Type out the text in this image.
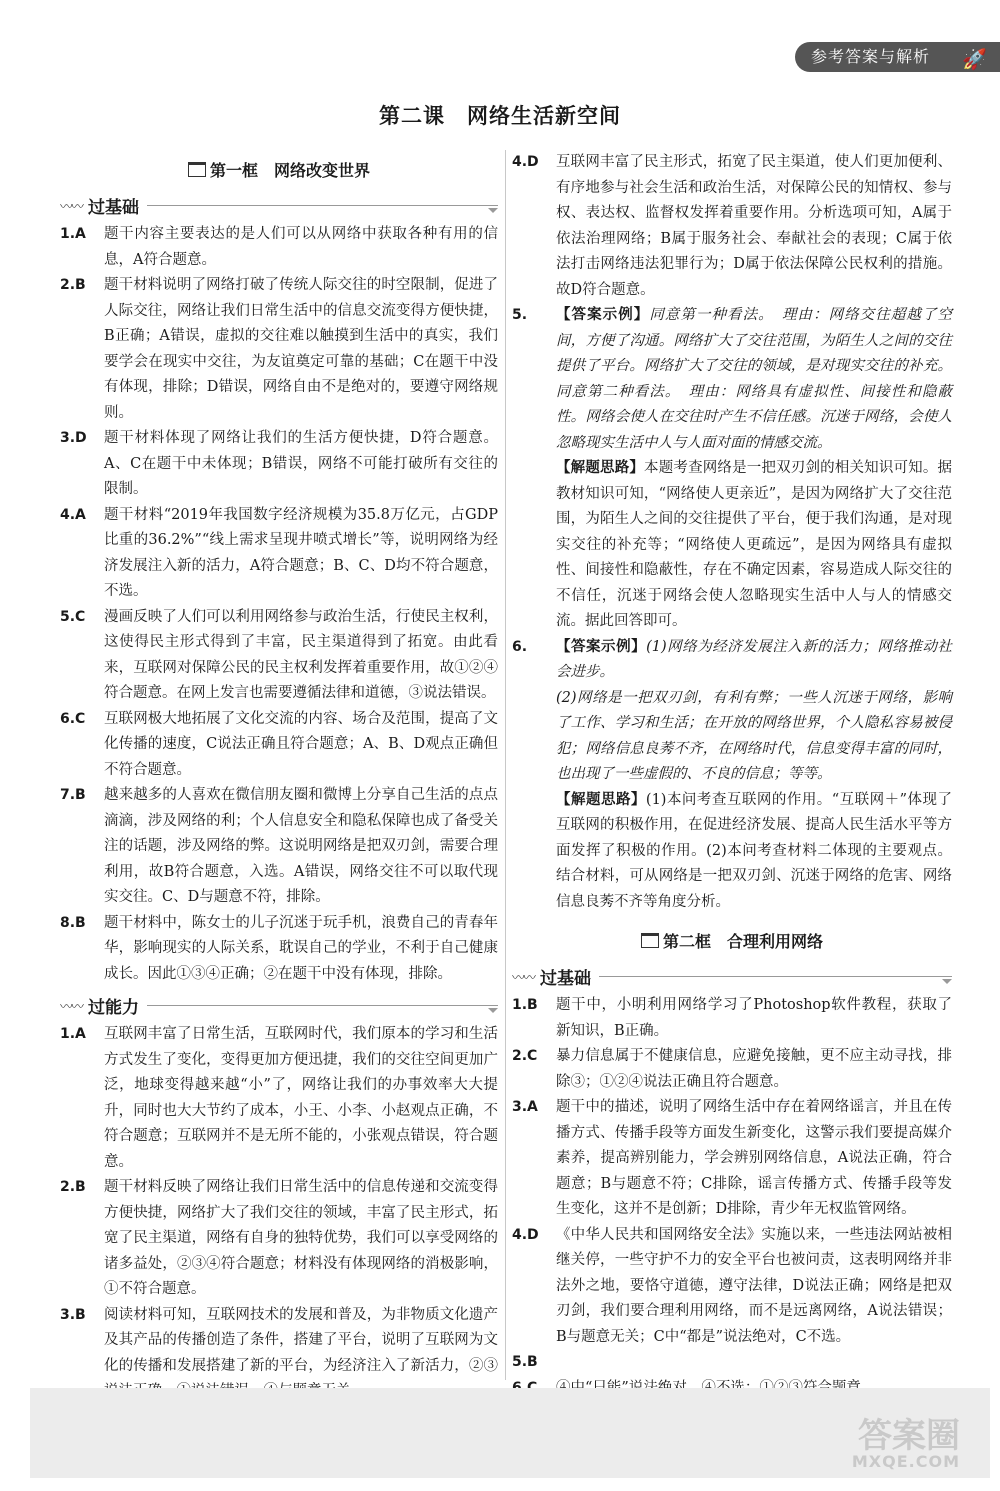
参考答案与解析 🚀
第二课　网络生活新空间
第一框　网络改变世界
〰〰 过基础
1.A	题干内容主要表达的是人们可以从网络中获取各种有用的信息，A符合题意。
2.B	题干材料说明了网络打破了传统人际交往的时空限制，促进了人际交往，网络让我们日常生活中的信息交流变得方便快捷，B正确；A错误，虚拟的交往难以触摸到生活中的真实，我们要学会在现实中交往，为友谊奠定可靠的基础；C在题干中没有体现，排除；D错误，网络自由不是绝对的，要遵守网络规则。
3.D	题干材料体现了网络让我们的生活方便快捷，D符合题意。A、C在题干中未体现；B错误，网络不可能打破所有交往的限制。
4.A	题干材料“2019年我国数字经济规模为35.8万亿元，占GDP比重的36.2%”“线上需求呈现井喷式增长”等，说明网络为经济发展注入新的活力，A符合题意；B、C、D均不符合题意，不选。
5.C	漫画反映了人们可以利用网络参与政治生活，行使民主权利，这使得民主形式得到了丰富，民主渠道得到了拓宽。由此看来，互联网对保障公民的民主权利发挥着重要作用，故①②④符合题意。在网上发言也需要遵循法律和道德，③说法错误。
6.C	互联网极大地拓展了文化交流的内容、场合及范围，提高了文化传播的速度，C说法正确且符合题意；A、B、D观点正确但不符合题意。
7.B	越来越多的人喜欢在微信朋友圈和微博上分享自己生活的点点滴滴，涉及网络的利；个人信息安全和隐私保障也成了备受关注的话题，涉及网络的弊。这说明网络是把双刃剑，需要合理利用，故B符合题意，入选。A错误，网络交往不可以取代现实交往。C、D与题意不符，排除。
8.B	题干材料中，陈女士的儿子沉迷于玩手机，浪费自己的青春年华，影响现实的人际关系，耽误自己的学业，不利于自己健康成长。因此①③④正确；②在题干中没有体现，排除。
〰〰 过能力
1.A	互联网丰富了日常生活，互联网时代，我们原本的学习和生活方式发生了变化，变得更加方便迅捷，我们的交往空间更加广泛，地球变得越来越“小”了，网络让我们的办事效率大大提升，同时也大大节约了成本，小王、小李、小赵观点正确，不符合题意；互联网并不是无所不能的，小张观点错误，符合题意。
2.B	题干材料反映了网络让我们日常生活中的信息传递和交流变得方便快捷，网络扩大了我们交往的领域，丰富了民主形式，拓宽了民主渠道，网络有自身的独特优势，我们可以享受网络的诸多益处，②③④符合题意；材料没有体现网络的消极影响，①不符合题意。
3.B	阅读材料可知，互联网技术的发展和普及，为非物质文化遗产及其产品的传播创造了条件，搭建了平台，说明了互联网为文化的传播和发展搭建了新的平台，为经济注入了新活力，②③
4.D	互联网丰富了民主形式，拓宽了民主渠道，使人们更加便利、有序地参与社会生活和政治生活，对保障公民的知情权、参与权、表达权、监督权发挥着重要作用。分析选项可知，A属于依法治理网络；B属于服务社会、奉献社会的表现；C属于依法打击网络违法犯罪行为；D属于依法保障公民权利的措施。故D符合题意。
5.	【答案示例】同意第一种看法。　理由：网络交往超越了空间，方便了沟通。网络扩大了交往范围，为陌生人之间的交往提供了平台。网络扩大了交往的领域，是对现实交往的补充。同意第二种看法。　理由：网络具有虚拟性、间接性和隐蔽性。网络会使人在交往时产生不信任感。沉迷于网络，会使人忽略现实生活中人与人面对面的情感交流。
【解题思路】本题考查网络是一把双刃剑的相关知识可知。据教材知识可知，“网络使人更亲近”，是因为网络扩大了交往范围，为陌生人之间的交往提供了平台，便于我们沟通，是对现实交往的补充等；“网络使人更疏远”，是因为网络具有虚拟性、间接性和隐蔽性，存在不确定因素，容易造成人际交往的不信任，沉迷于网络会使人忽略现实生活中人与人的情感交流。据此回答即可。
6.	【答案示例】(1)网络为经济发展注入新的活力；网络推动社会进步。
(2)网络是一把双刃剑，有利有弊；一些人沉迷于网络，影响了工作、学习和生活；在开放的网络世界，个人隐私容易被侵犯；网络信息良莠不齐，在网络时代，信息变得丰富的同时，也出现了一些虚假的、不良的信息；等等。
【解题思路】(1)本问考查互联网的作用。“互联网＋”体现了互联网的积极作用，在促进经济发展、提高人民生活水平等方面发挥了积极的作用。(2)本问考查材料二体现的主要观点。结合材料，可从网络是一把双刃剑、沉迷于网络的危害、网络信息良莠不齐等角度分析。
第二框　合理利用网络
〰〰 过基础
1.B	题干中，小明利用网络学习了Photoshop软件教程，获取了新知识，B正确。
2.C	暴力信息属于不健康信息，应避免接触，更不应主动寻找，排除③；①②④说法正确且符合题意。
3.A	题干中的描述，说明了网络生活中存在着网络谣言，并且在传播方式、传播手段等方面发生新变化，这警示我们要提高媒介素养，提高辨别能力，学会辨别网络信息，A说法正确，符合题意；B与题意不符；C排除，谣言传播方式、传播手段等发生变化，这并不是创新；D排除，青少年无权监管网络。
4.D	《中华人民共和国网络安全法》实施以来，一些违法网站被相继关停，一些守护不力的安全平台也被问责，这表明网络并非法外之地，要恪守道德，遵守法律，D说法正确；网络是把双刃剑，我们要合理利用网络，而不是远离网络，A说法错误；B与题意无关；C中“都是”说法绝对，C不选。
5.B
答案圈
MXQE.COM
